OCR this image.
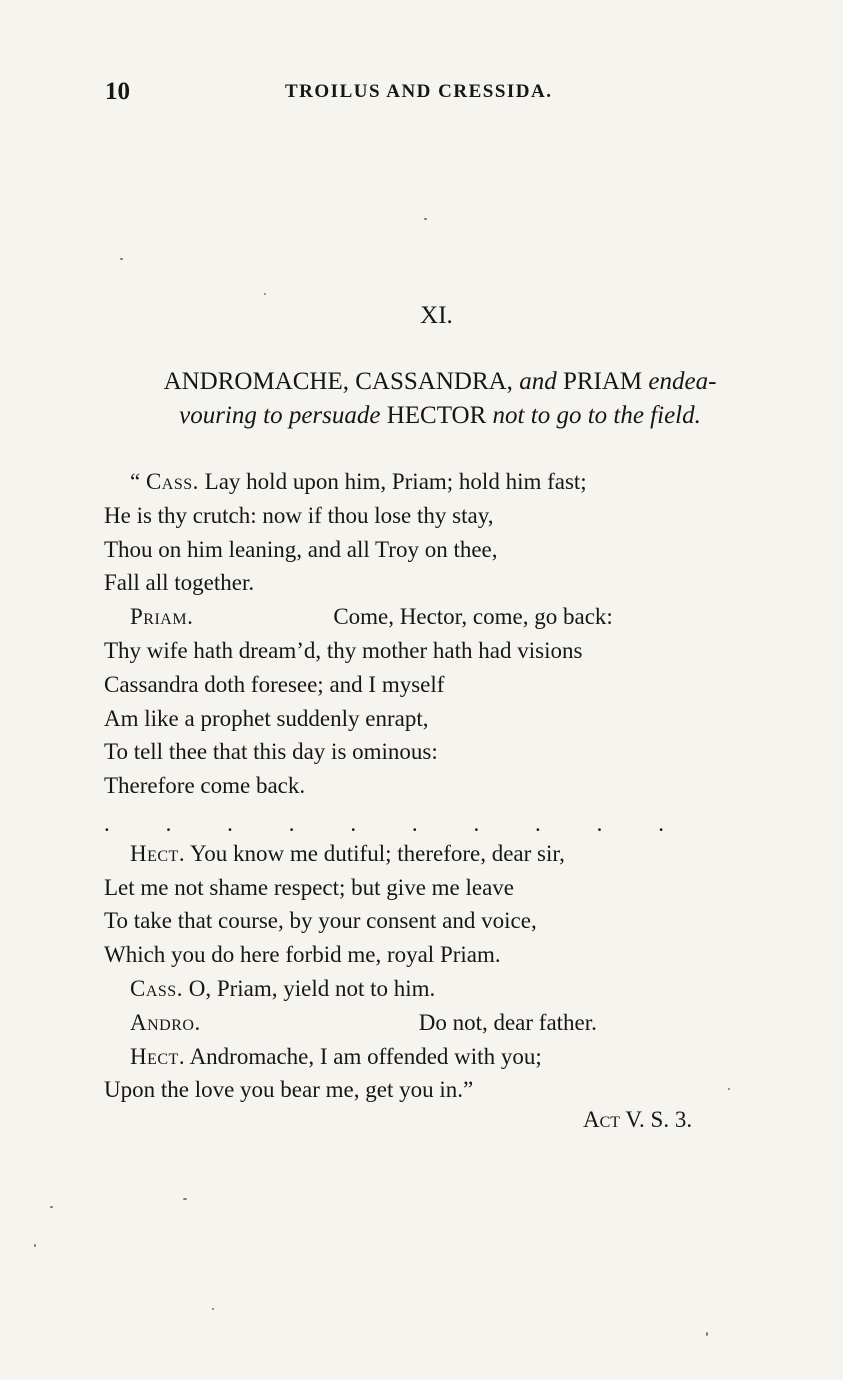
10	TROILUS AND CRESSIDA.
XI.
ANDROMACHE, CASSANDRA, and PRIAM endea-
vouring to persuade HECTOR not to go to the field.
“ Cass. Lay hold upon him, Priam; hold him fast;
He is thy crutch: now if thou lose thy stay,
Thou on him leaning, and all Troy on thee,
Fall all together.
Priam.	Come, Hector, come, go back:
Thy wife hath dream’d, thy mother hath had visions
Cassandra doth foresee; and I myself
Am like a prophet suddenly enrapt,
To tell thee that this day is ominous:
Therefore come back.
Hect. You know me dutiful; therefore, dear sir,
Let me not shame respect; but give me leave
To take that course, by your consent and voice,
Which you do here forbid me, royal Priam.
Cass. O, Priam, yield not to him.
Andro.	Do not, dear father.
Hect. Andromache, I am offended with you;
Upon the love you bear me, get you in.”
. . . . . . . . . .
Act V. S. 3.
